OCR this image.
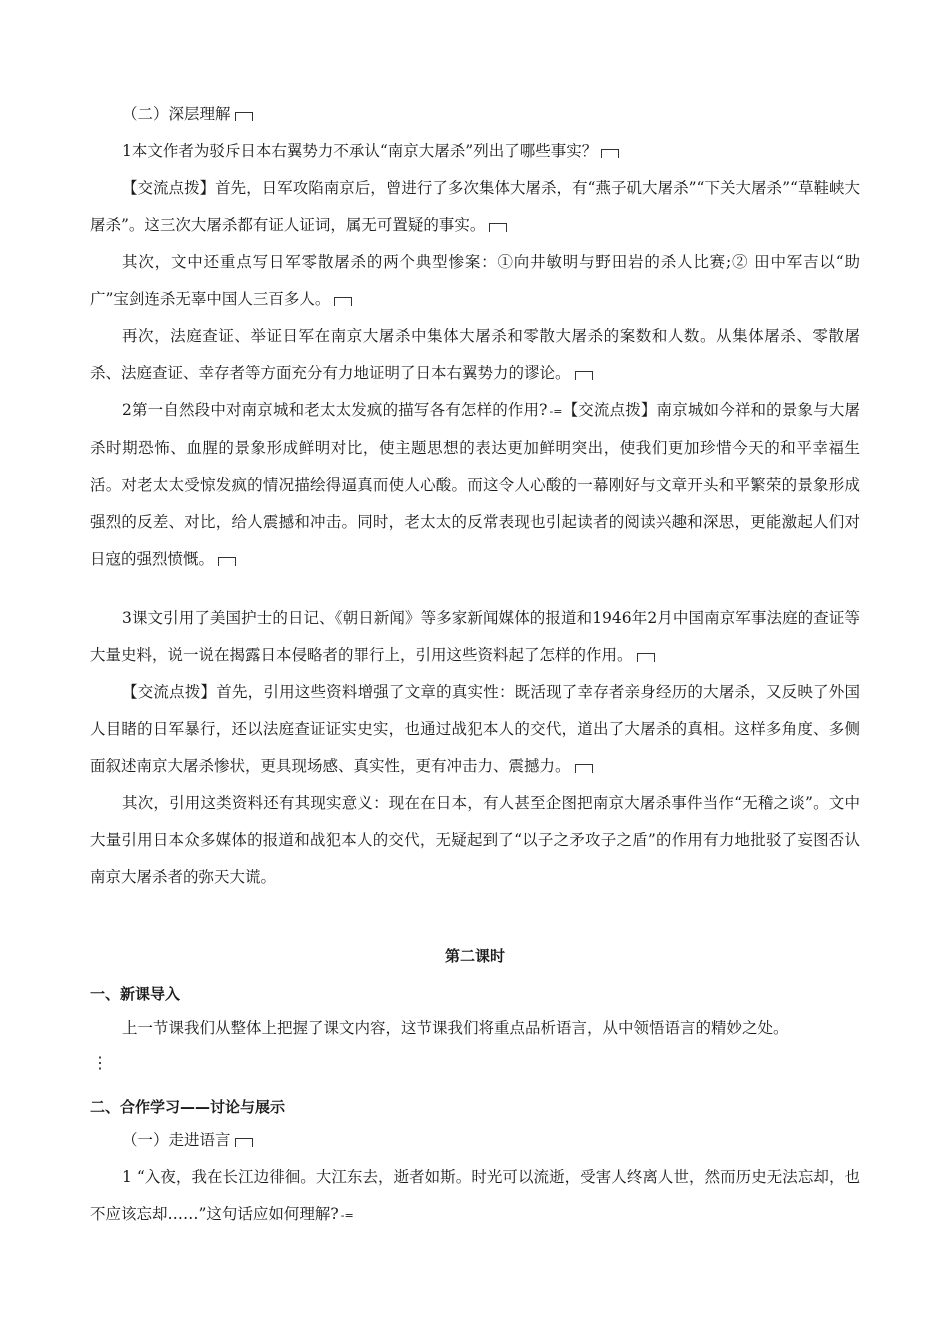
（二）深层理解

1本文作者为驳斥日本右翼势力不承认“南京大屠杀”列出了哪些事实？

【交流点拨】首先，日军攻陷南京后，曾进行了多次集体大屠杀，有“燕子矶大屠杀”“下关大屠杀”“草鞋峡大屠杀”。这三次大屠杀都有证人证词，属无可置疑的事实。

其次，文中还重点写日军零散屠杀的两个典型惨案：①向井敏明与野田岩的杀人比赛;② 田中军吉以“助广”宝剑连杀无辜中国人三百多人。

再次，法庭查证、举证日军在南京大屠杀中集体大屠杀和零散大屠杀的案数和人数。从集体屠杀、零散屠杀、法庭查证、幸存者等方面充分有力地证明了日本右翼势力的谬论。

2第一自然段中对南京城和老太太发疯的描写各有怎样的作用? -=【交流点拨】南京城如今祥和的景象与大屠杀时期恐怖、血腥的景象形成鲜明对比，使主题思想的表达更加鲜明突出，使我们更加珍惜今天的和平幸福生活。对老太太受惊发疯的情况描绘得逼真而使人心酸。而这令人心酸的一幕刚好与文章开头和平繁荣的景象形成强烈的反差、对比，给人震撼和冲击。同时，老太太的反常表现也引起读者的阅读兴趣和深思，更能激起人们对日寇的强烈愤慨。

3课文引用了美国护士的日记、《朝日新闻》等多家新闻媒体的报道和1946年2月中国南京军事法庭的查证等大量史料，说一说在揭露日本侵略者的罪行上，引用这些资料起了怎样的作用。

【交流点拨】首先，引用这些资料增强了文章的真实性：既活现了幸存者亲身经历的大屠杀，又反映了外国人目睹的日军暴行，还以法庭查证证实史实，也通过战犯本人的交代，道出了大屠杀的真相。这样多角度、多侧面叙述南京大屠杀惨状，更具现场感、真实性，更有冲击力、震撼力。

其次，引用这类资料还有其现实意义：现在在日本，有人甚至企图把南京大屠杀事件当作“无稽之谈”。文中大量引用日本众多媒体的报道和战犯本人的交代，无疑起到了“以子之矛攻子之盾”的作用有力地批驳了妄图否认南京大屠杀者的弥天大谎。

第二课时
一、新课导入

上一节课我们从整体上把握了课文内容，这节课我们将重点品析语言，从中领悟语言的精妙之处。

⋮
二、合作学习——讨论与展示

（一）走进语言

1 “入夜，我在长江边徘徊。大江东去，逝者如斯。时光可以流逝，受害人终离人世，然而历史无法忘却，也不应该忘却……”这句话应如何理解? -=
